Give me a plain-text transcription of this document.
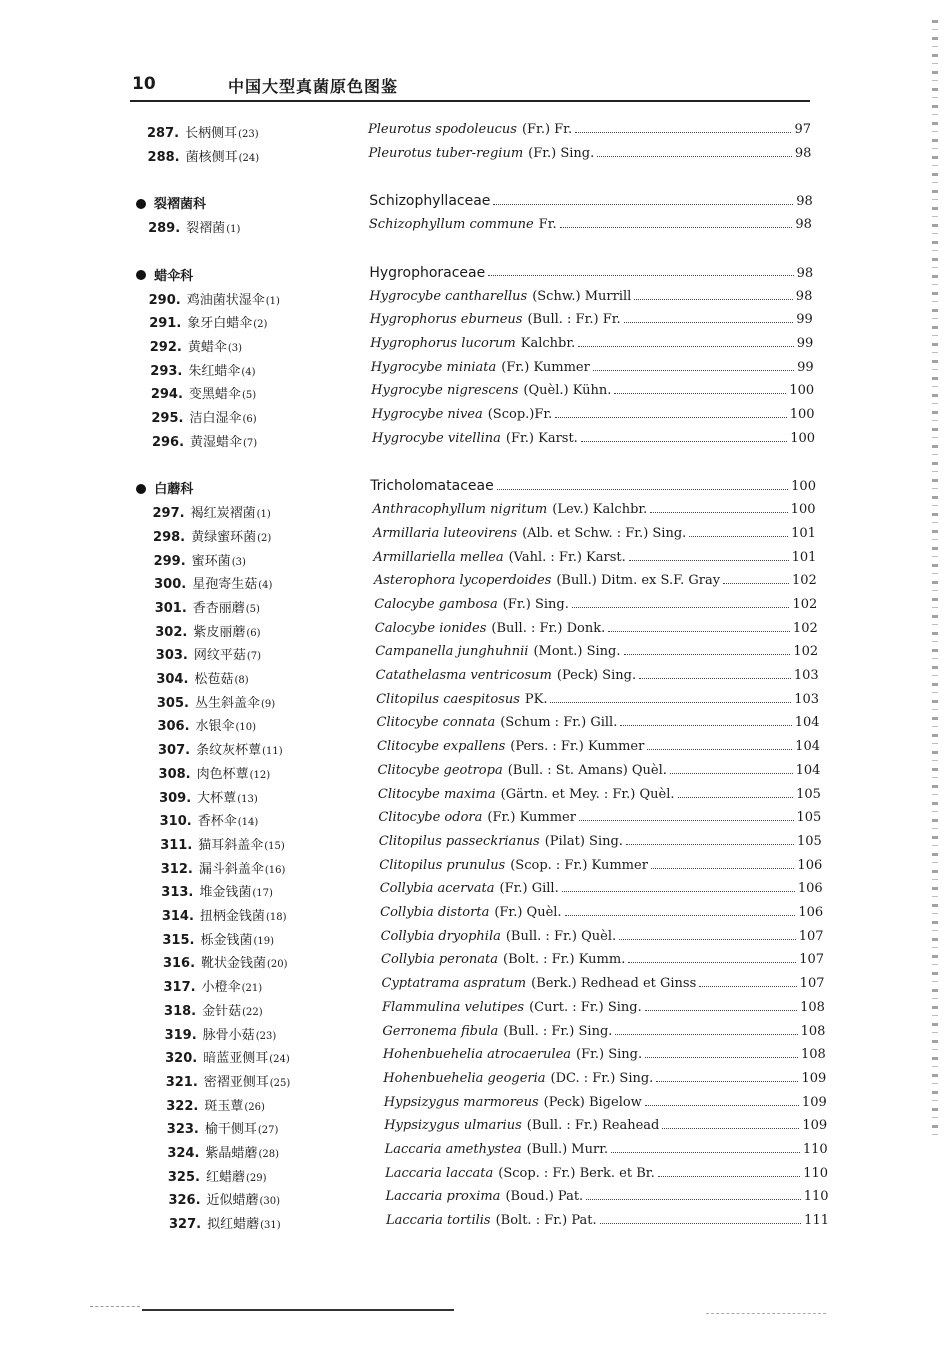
10	中国大型真菌原色图鉴
287. 长柄侧耳(23)	Pleurotus spodoleucus (Fr.) Fr.	97
288. 菌核侧耳(24)	Pleurotus tuber-regium (Fr.) Sing.	98
裂褶菌科	Schizophyllaceae	98
289. 裂褶菌(1)	Schizophyllum commune Fr.	98
蜡伞科	Hygrophoraceae	98
290. 鸡油菌状湿伞(1)	Hygrocybe cantharellus (Schw.) Murrill	98
291. 象牙白蜡伞(2)	Hygrophorus eburneus (Bull. : Fr.) Fr.	99
292. 黄蜡伞(3)	Hygrophorus lucorum Kalchbr.	99
293. 朱红蜡伞(4)	Hygrocybe miniata (Fr.) Kummer	99
294. 变黑蜡伞(5)	Hygrocybe nigrescens (Quèl.) Kühn.	100
295. 洁白湿伞(6)	Hygrocybe nivea (Scop.)Fr.	100
296. 黄湿蜡伞(7)	Hygrocybe vitellina (Fr.) Karst.	100
白蘑科	Tricholomataceae	100
297. 褐红炭褶菌(1)	Anthracophyllum nigritum (Lev.) Kalchbr.	100
298. 黄绿蜜环菌(2)	Armillaria luteovirens (Alb. et Schw. : Fr.) Sing.	101
299. 蜜环菌(3)	Armillariella mellea (Vahl. : Fr.) Karst.	101
300. 星孢寄生菇(4)	Asterophora lycoperdoides (Bull.) Ditm. ex S.F. Gray	102
301. 香杏丽蘑(5)	Calocybe gambosa (Fr.) Sing.	102
302. 紫皮丽蘑(6)	Calocybe ionides (Bull. : Fr.) Donk.	102
303. 网纹平菇(7)	Campanella junghuhnii (Mont.) Sing.	102
304. 松苞菇(8)	Catathelasma ventricosum (Peck) Sing.	103
305. 丛生斜盖伞(9)	Clitopilus caespitosus PK.	103
306. 水银伞(10)	Clitocybe connata (Schum : Fr.) Gill.	104
307. 条纹灰杯蕈(11)	Clitocybe expallens (Pers. : Fr.) Kummer	104
308. 肉色杯蕈(12)	Clitocybe geotropa (Bull. : St. Amans) Quèl.	104
309. 大杯蕈(13)	Clitocybe maxima (Gärtn. et Mey. : Fr.) Quèl.	105
310. 香杯伞(14)	Clitocybe odora (Fr.) Kummer	105
311. 猫耳斜盖伞(15)	Clitopilus passeckrianus (Pilat) Sing.	105
312. 漏斗斜盖伞(16)	Clitopilus prunulus (Scop. : Fr.) Kummer	106
313. 堆金钱菌(17)	Collybia acervata (Fr.) Gill.	106
314. 扭柄金钱菌(18)	Collybia distorta (Fr.) Quèl.	106
315. 栎金钱菌(19)	Collybia dryophila (Bull. : Fr.) Quèl.	107
316. 靴状金钱菌(20)	Collybia peronata (Bolt. : Fr.) Kumm.	107
317. 小橙伞(21)	Cyptatrama aspratum (Berk.) Redhead et Ginss	107
318. 金针菇(22)	Flammulina velutipes (Curt. : Fr.) Sing.	108
319. 脉骨小菇(23)	Gerronema fibula (Bull. : Fr.) Sing.	108
320. 暗蓝亚侧耳(24)	Hohenbuehelia atrocaerulea (Fr.) Sing.	108
321. 密褶亚侧耳(25)	Hohenbuehelia geogeria (DC. : Fr.) Sing.	109
322. 斑玉蕈(26)	Hypsizygus marmoreus (Peck) Bigelow	109
323. 榆干侧耳(27)	Hypsizygus ulmarius (Bull. : Fr.) Reahead	109
324. 紫晶蜡蘑(28)	Laccaria amethystea (Bull.) Murr.	110
325. 红蜡蘑(29)	Laccaria laccata (Scop. : Fr.) Berk. et Br.	110
326. 近似蜡蘑(30)	Laccaria proxima (Boud.) Pat.	110
327. 拟红蜡蘑(31)	Laccaria tortilis (Bolt. : Fr.) Pat.	111
